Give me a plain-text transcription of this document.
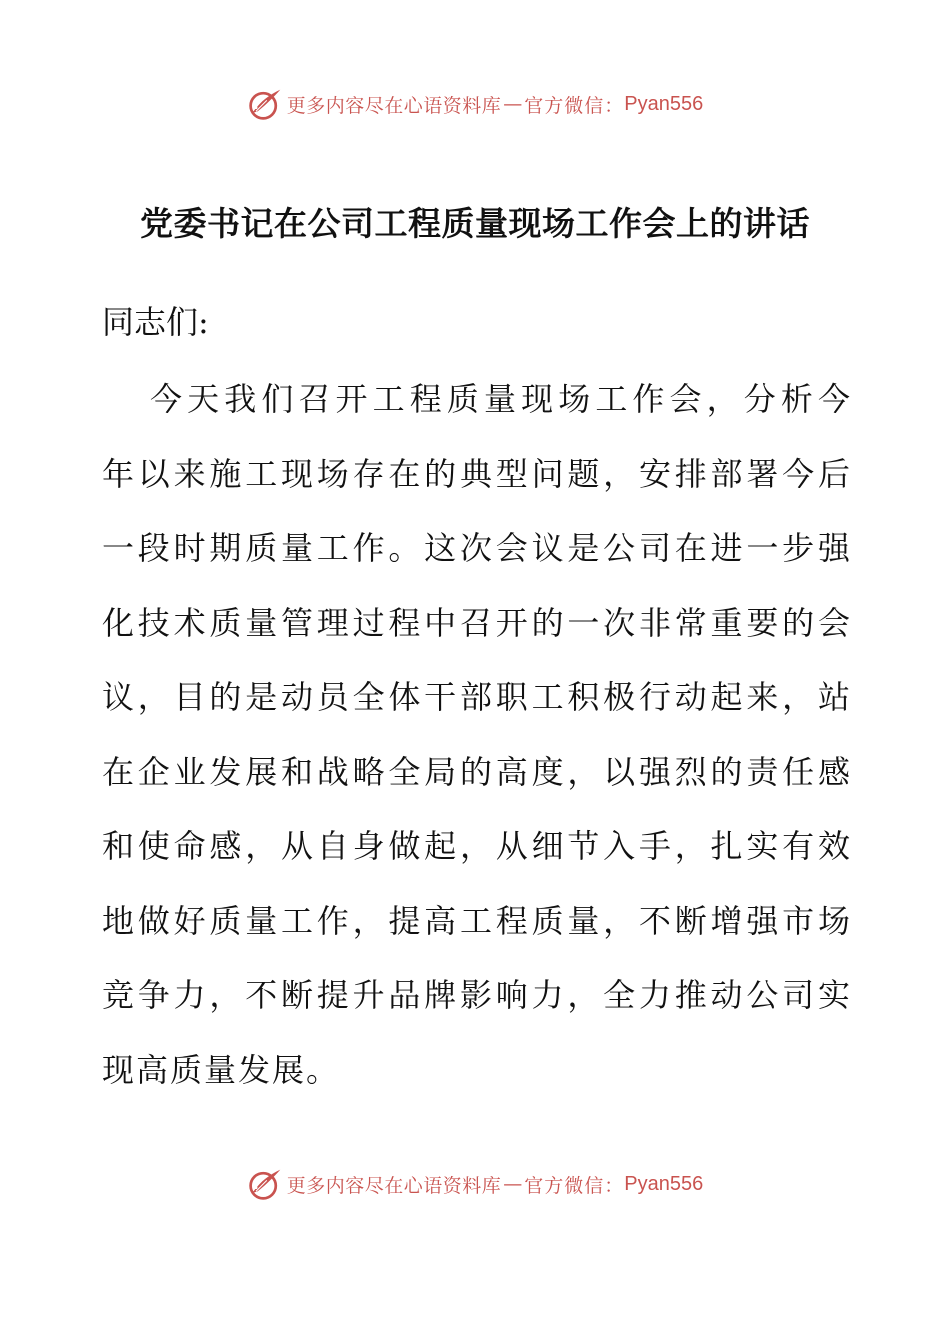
更多内容尽在心语资料库 — 官方微信： Pyan556
党委书记在公司工程质量现场工作会上的讲话

同志们:

今 天 我 们 召 开 工 程 质 量 现 场 工 作 会 ， 分 析 今
年 以 来 施 工 现 场 存 在 的 典 型 问 题 ， 安 排 部 署 今 后
一 段 时 期 质 量 工 作 。 这 次 会 议 是 公 司 在 进 一 步 强
化 技 术 质 量 管 理 过 程 中 召 开 的 一 次 非 常 重 要 的 会
议 ， 目 的 是 动 员 全 体 干 部 职 工 积 极 行 动 起 来 ， 站
在 企 业 发 展 和 战 略 全 局 的 高 度 ， 以 强 烈 的 责 任 感
和 使 命 感 ， 从 自 身 做 起 ， 从 细 节 入 手 ， 扎 实 有 效
地 做 好 质 量 工 作 ， 提 高 工 程 质 量 ， 不 断 增 强 市 场
竞 争 力 ， 不 断 提 升 品 牌 影 响 力 ， 全 力 推 动 公 司 实
现高质量发展。
更多内容尽在心语资料库 — 官方微信： Pyan556
